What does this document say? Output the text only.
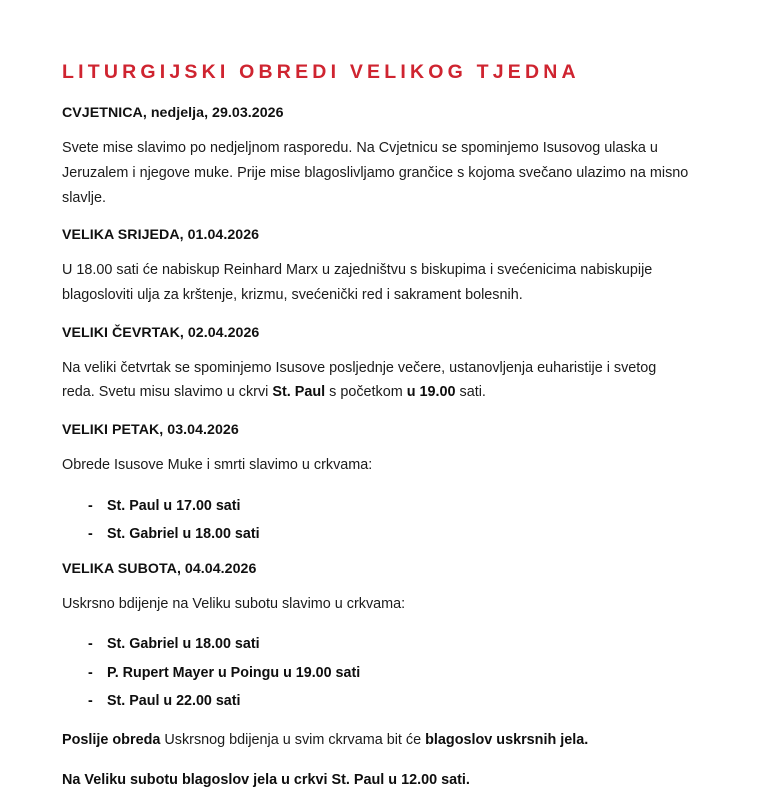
LITURGIJSKI OBREDI VELIKOG TJEDNA
CVJETNICA, nedjelja, 29.03.2026

Svete mise slavimo po nedjeljnom rasporedu. Na Cvjetnicu se spominjemo Isusovog ulaska u Jeruzalem i njegove muke. Prije mise blagoslivljamo grančice s kojoma svečano ulazimo na misno slavlje.

VELIKA SRIJEDA, 01.04.2026

U 18.00 sati će nabiskup Reinhard Marx u zajedništvu s biskupima i svećenicima nabiskupije blagosloviti ulja za krštenje, krizmu, svećenički red i sakrament bolesnih.

VELIKI ČEVRTAK, 02.04.2026

Na veliki četvrtak se spominjemo Isusove posljednje večere, ustanovljenja euharistije i svetog reda. Svetu misu slavimo u ckrvi St. Paul s početkom u 19.00 sati.

VELIKI PETAK, 03.04.2026

Obrede Isusove Muke i smrti slavimo u crkvama:

- St. Paul u 17.00 sati
- St. Gabriel u 18.00 sati
VELIKA SUBOTA, 04.04.2026

Uskrsno bdijenje na Veliku subotu slavimo u crkvama:

- St. Gabriel u 18.00 sati
- P. Rupert Mayer u Poingu u 19.00 sati
- St. Paul u 22.00 sati

Poslije obreda Uskrsnog bdijenja u svim ckrvama bit će blagoslov uskrsnih jela.

Na Veliku subotu blagoslov jela u crkvi St. Paul u 12.00 sati.
